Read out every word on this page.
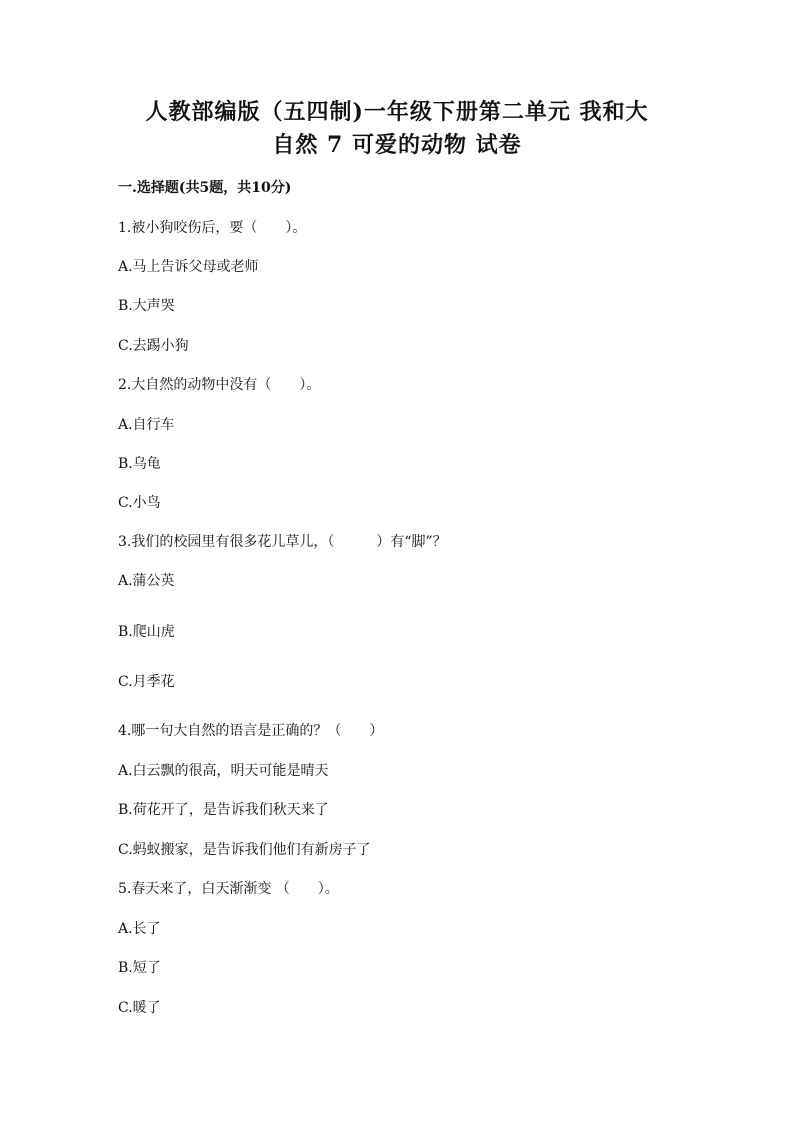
人教部编版（五四制)一年级下册第二单元 我和大
自然 7 可爱的动物 试卷
一.选择题(共5题，共10分)
1.被小狗咬伤后，要（　　）。
A.马上告诉父母或老师
B.大声哭
C.去踢小狗
2.大自然的动物中没有（　　）。
A.自行车
B.乌龟
C.小鸟
3.我们的校园里有很多花儿草儿，（　　　）有“脚”？
A.蒲公英
B.爬山虎
C.月季花
4.哪一句大自然的语言是正确的？（　　）
A.白云飘的很高，明天可能是晴天
B.荷花开了，是告诉我们秋天来了
C.蚂蚁搬家，是告诉我们他们有新房子了
5.春天来了，白天渐渐变 （　　）。
A.长了
B.短了
C.暖了
